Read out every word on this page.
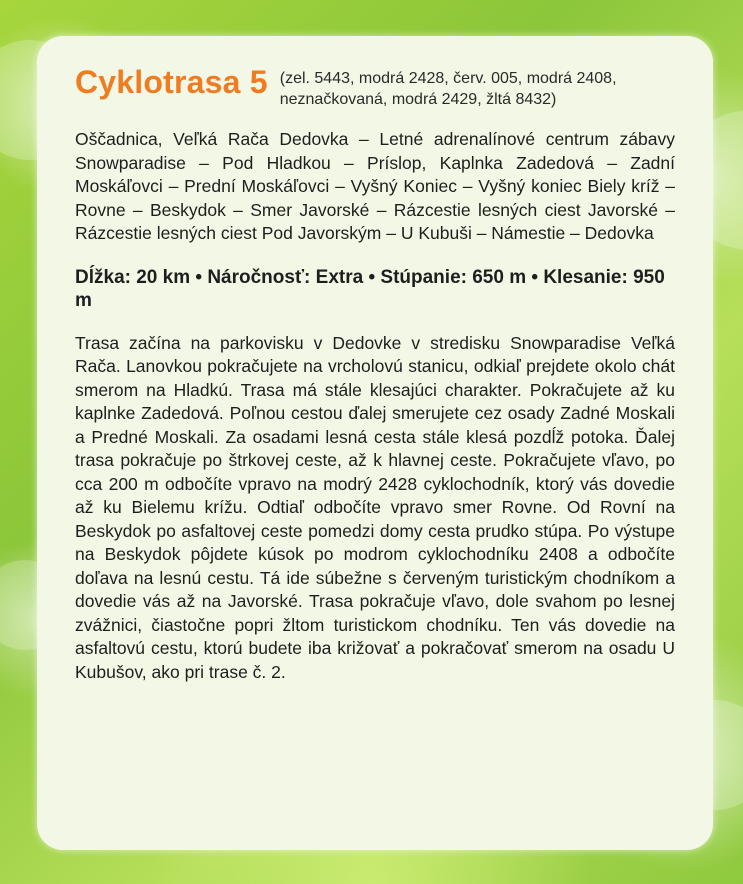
Cyklotrasa 5 (zel. 5443, modrá 2428, červ. 005, modrá 2408, neznačkovaná, modrá 2429, žltá 8432)
Oščadnica, Veľká Rača Dedovka – Letné adrenalínové centrum zábavy Snowparadise – Pod Hladkou – Príslop, Kaplnka Zadedová – Zadní Moskáľovci – Prední Moskáľovci – Vyšný Koniec – Vyšný koniec Biely kríž – Rovne – Beskydok – Smer Javorské – Rázcestie lesných ciest Javorské – Rázcestie lesných ciest Pod Javorským – U Kubuši – Námestie – Dedovka
Dĺžka: 20 km • Náročnosť: Extra • Stúpanie: 650 m • Klesanie: 950 m
Trasa začína na parkovisku v Dedovke v stredisku Snowparadise Veľká Rača. Lanovkou pokračujete na vrcholovú stanicu, odkiaľ prejdete okolo chát smerom na Hladkú. Trasa má stále klesajúci charakter. Pokračujete až ku kaplnke Zadedová. Poľnou cestou ďalej smerujete cez osady Zadné Moskali a Predné Moskali. Za osadami lesná cesta stále klesá pozdĺž potoka. Ďalej trasa pokračuje po štrkovej ceste, až k hlavnej ceste. Pokračujete vľavo, po cca 200 m odbočíte vpravo na modrý 2428 cyklochodník, ktorý vás dovedie až ku Bielemu krížu. Odtiaľ odbočíte vpravo smer Rovne. Od Rovní na Beskydok po asfaltovej ceste pomedzi domy cesta prudko stúpa. Po výstupe na Beskydok pôjdete kúsok po modrom cyklochodníku 2408 a odbočíte doľava na lesnú cestu. Tá ide súbežne s červeným turistickým chodníkom a dovedie vás až na Javorské. Trasa pokračuje vľavo, dole svahom po lesnej zvážnici, čiastočne popri žltom turistickom chodníku. Ten vás dovedie na asfaltovú cestu, ktorú budete iba križovať a pokračovať smerom na osadu U Kubušov, ako pri trase č. 2.
